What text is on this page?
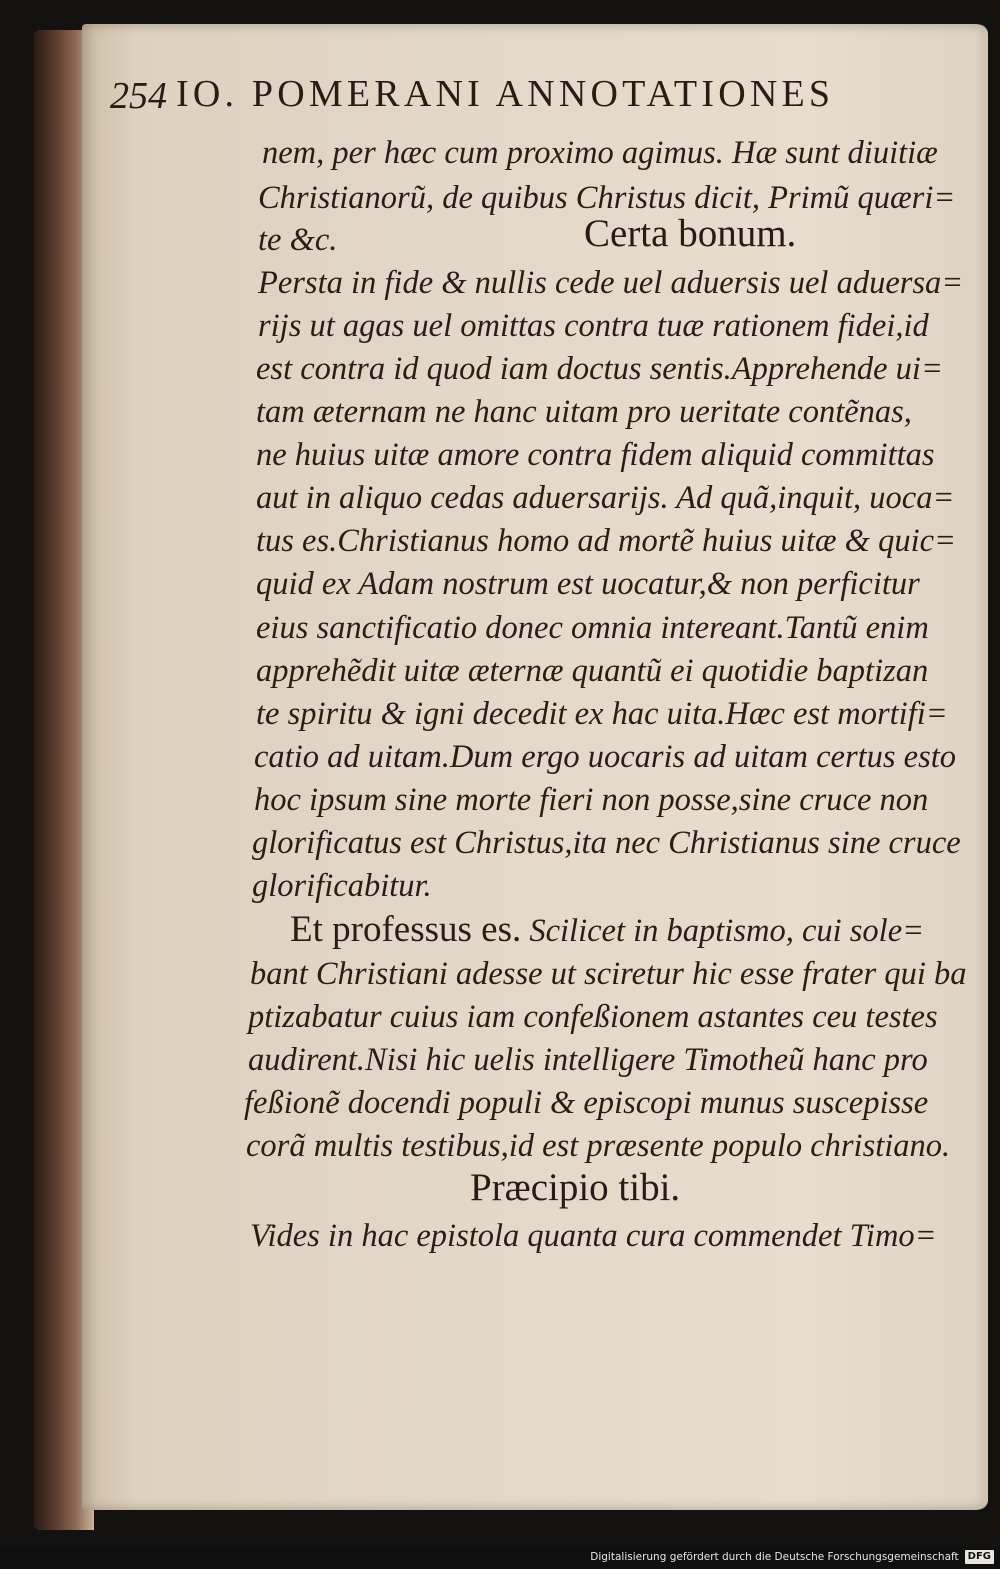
254 IO. POMERANI ANNOTATIONES
nem, per hæc cum proximo agimus. Hæ sunt diuitiæ
Christianorũ, de quibus Christus dicit, Primũ quæri=
te &c.	Certa bonum.
Persta in fide & nullis cede uel aduersis uel aduersa=
rijs ut agas uel omittas contra tuæ rationem fidei,id
est contra id quod iam doctus sentis.Apprehende ui=
tam æternam ne hanc uitam pro ueritate contẽnas,
ne huius uitæ amore contra fidem aliquid committas
aut in aliquo cedas aduersarijs. Ad quã,inquit, uoca=
tus es.Christianus homo ad mortẽ huius uitæ & quic=
quid ex Adam nostrum est uocatur,& non perficitur
eius sanctificatio donec omnia intereant.Tantũ enim
apprehẽdit uitæ æternæ quantũ ei quotidie baptizan
te spiritu & igni decedit ex hac uita.Hæc est mortifi=
catio ad uitam.Dum ergo uocaris ad uitam certus esto
hoc ipsum sine morte fieri non posse,sine cruce non
glorificatus est Christus,ita nec Christianus sine cruce
glorificabitur.
Et professus es. Scilicet in baptismo, cui sole=
bant Christiani adesse ut sciretur hic esse frater qui ba
ptizabatur cuius iam confeßionem astantes ceu testes
audirent.Nisi hic uelis intelligere Timotheũ hanc pro
feßionẽ docendi populi & episcopi munus suscepisse
corã multis testibus,id est præsente populo christiano.
Præcipio tibi.
Vides in hac epistola quanta cura commendet Timo=
Digitalisierung gefördert durch die Deutsche Forschungsgemeinschaft DFG
